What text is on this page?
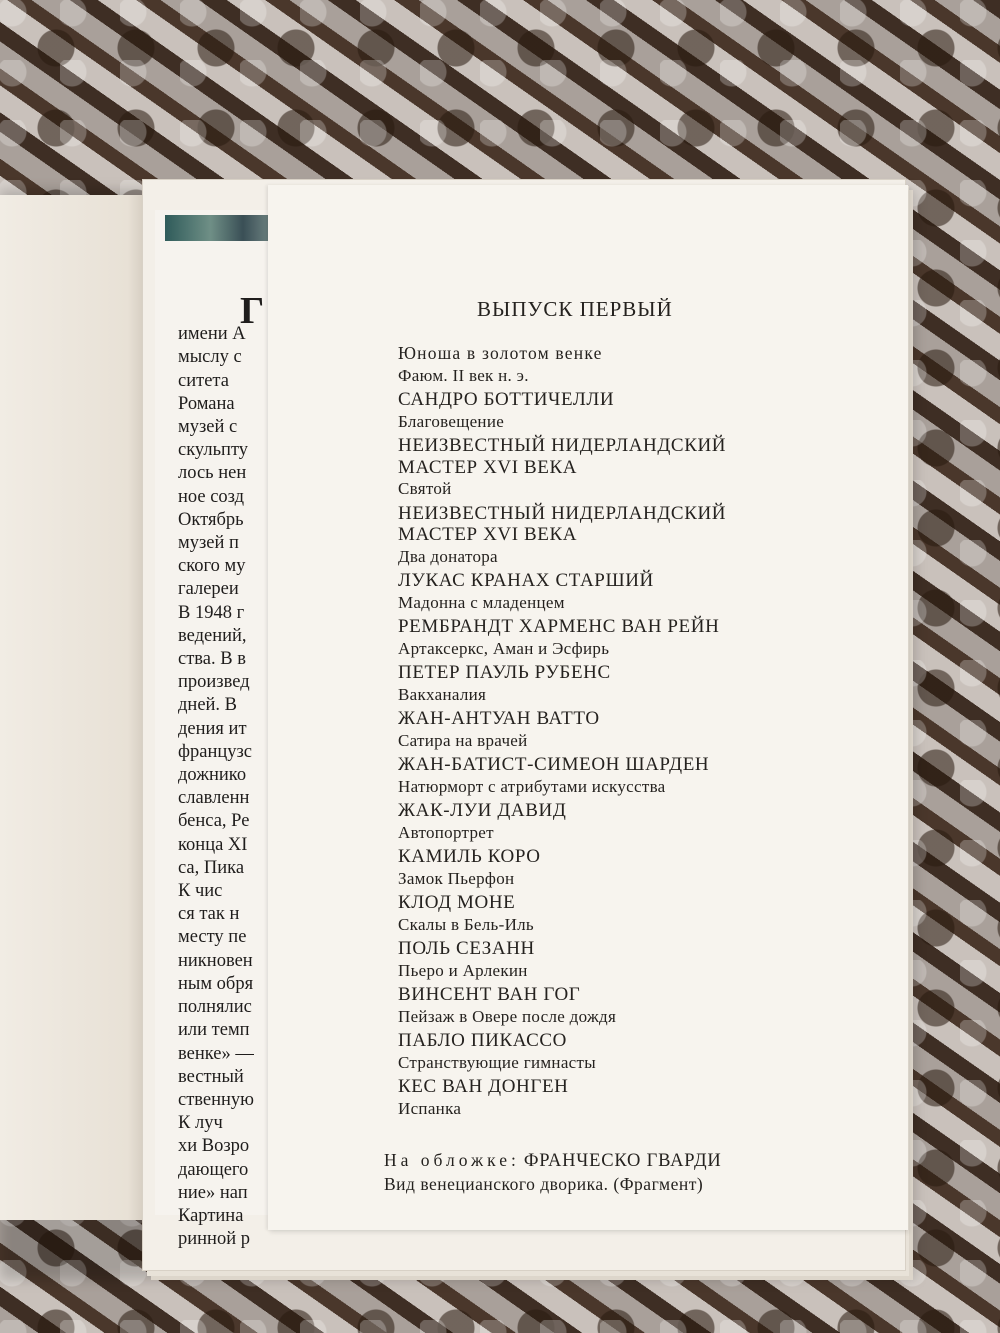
Г
имени А
мыслу с
ситета
Романа
музей с
скульпту
лось нен
ное созд
Октябрь
музей п
ского му
галереи
В 1948 г
ведений,
ства. В в
произвед
дней. В
дения ит
французс
дожнико
славленн
бенса, Ре
конца XI
са, Пика
К чис
ся так н
месту пе
никновен
ным обря
полнялис
или темп
венке» —
вестный
ственную
К луч
хи Возро
дающего
ние» нап
Картина
ринной р
ВЫПУСК ПЕРВЫЙ
Юноша в золотом венке
Фаюм. II век н. э.
САНДРО БОТТИЧЕЛЛИ
Благовещение
НЕИЗВЕСТНЫЙ НИДЕРЛАНДСКИЙ
МАСТЕР XVI ВЕКА
Святой
НЕИЗВЕСТНЫЙ НИДЕРЛАНДСКИЙ
МАСТЕР XVI ВЕКА
Два донатора
ЛУКАС КРАНАХ СТАРШИЙ
Мадонна с младенцем
РЕМБРАНДТ ХАРМЕНС ВАН РЕЙН
Артаксеркс, Аман и Эсфирь
ПЕТЕР ПАУЛЬ РУБЕНС
Вакханалия
ЖАН-АНТУАН ВАТТО
Сатира на врачей
ЖАН-БАТИСТ-СИМЕОН ШАРДЕН
Натюрморт с атрибутами искусства
ЖАК-ЛУИ ДАВИД
Автопортрет
КАМИЛЬ КОРО
Замок Пьерфон
КЛОД МОНЕ
Скалы в Бель-Иль
ПОЛЬ СЕЗАНН
Пьеро и Арлекин
ВИНСЕНТ ВАН ГОГ
Пейзаж в Овере после дождя
ПАБЛО ПИКАССО
Странствующие гимнасты
КЕС ВАН ДОНГЕН
Испанка
На обложке: ФРАНЧЕСКО ГВАРДИ
Вид венецианского дворика. (Фрагмент)
